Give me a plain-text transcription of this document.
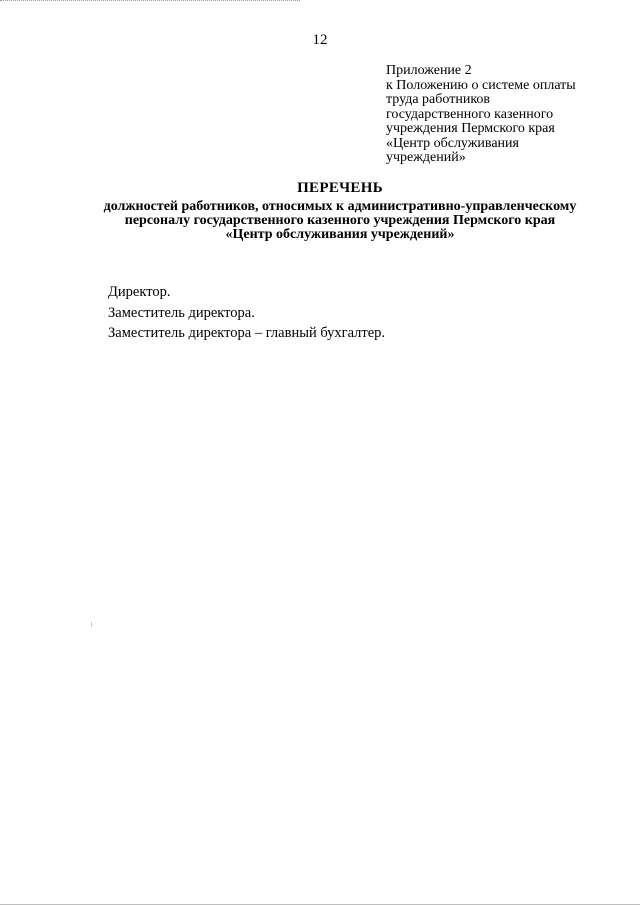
12
Приложение 2
к Положению о системе оплаты
труда работников
государственного казенного
учреждения Пермского края
«Центр обслуживания
учреждений»
ПЕРЕЧЕНЬ
должностей работников, относимых к административно-управленческому
персоналу государственного казенного учреждения Пермского края
«Центр обслуживания учреждений»
Директор.
Заместитель директора.
Заместитель директора – главный бухгалтер.
